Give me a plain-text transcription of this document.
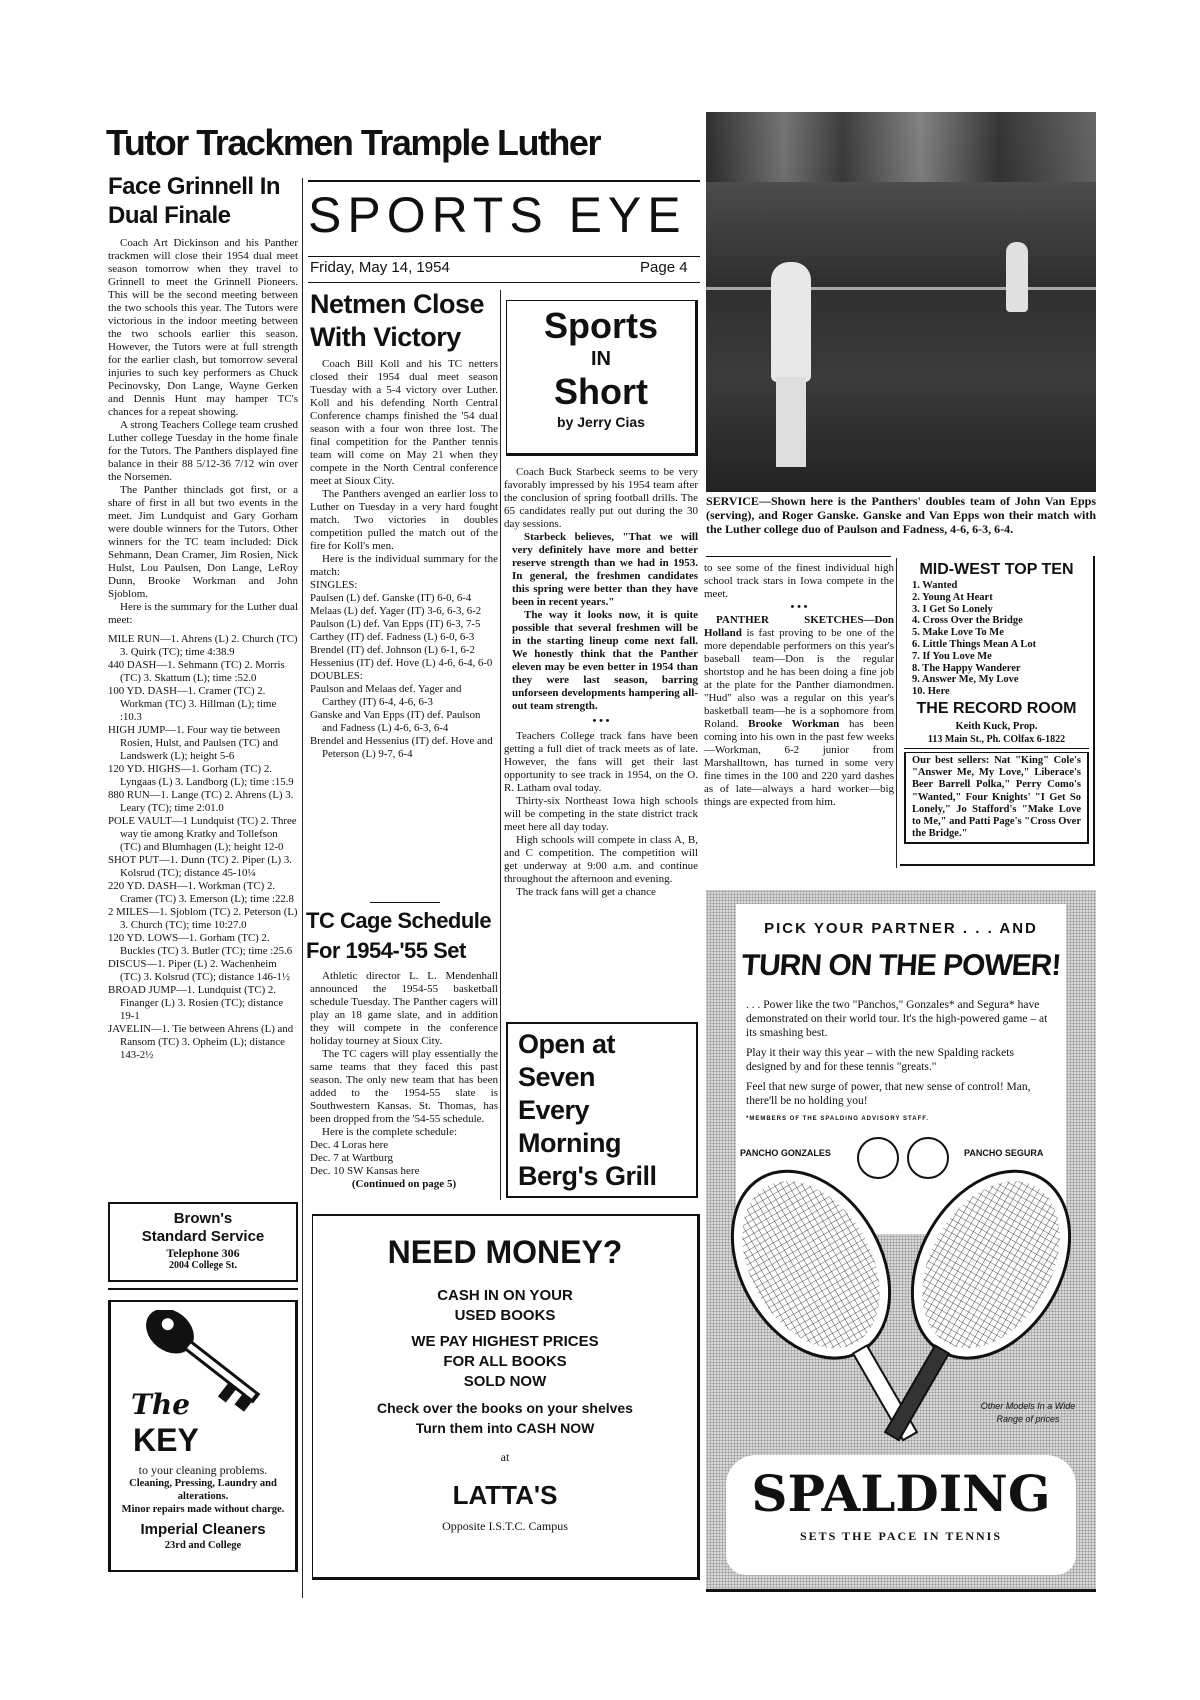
Tutor Trackmen Trample Luther
Face Grinnell In Dual Finale

Coach Art Dickinson and his Panther trackmen will close their 1954 dual meet season tomorrow when they travel to Grinnell to meet the Grinnell Pioneers. This will be the second meeting between the two schools this year. The Tutors were victorious in the indoor meeting between the two schools earlier this season. However, the Tutors were at full strength for the earlier clash, but tomorrow several injuries to such key performers as Chuck Pecinovsky, Don Lange, Wayne Gerken and Dennis Hunt may hamper TC's chances for a repeat showing.

A strong Teachers College team crushed Luther college Tuesday in the home finale for the Tutors. The Panthers displayed fine balance in their 88 5/12-36 7/12 win over the Norsemen.

The Panther thinclads got first, or a share of first in all but two events in the meet. Jim Lundquist and Gary Gorham were double winners for the Tutors. Other winners for the TC team included: Dick Sehmann, Dean Cramer, Jim Rosien, Nick Hulst, Lou Paulsen, Don Lange, LeRoy Dunn, Brooke Workman and John Sjoblom.

Here is the summary for the Luther dual meet:

MILE RUN—1. Ahrens (L) 2. Church (TC) 3. Quirk (TC); time 4:38.9

440 DASH—1. Sehmann (TC) 2. Morris (TC) 3. Skattum (L); time :52.0

100 YD. DASH—1. Cramer (TC) 2. Workman (TC) 3. Hillman (L); time :10.3

HIGH JUMP—1. Four way tie between Rosien, Hulst, and Paulsen (TC) and Landswerk (L); height 5-6

120 YD. HIGHS—1. Gorham (TC) 2. Lyngaas (L) 3. Landborg (L); time :15.9

880 RUN—1. Lange (TC) 2. Ahrens (L) 3. Leary (TC); time 2:01.0

POLE VAULT—1 Lundquist (TC) 2. Three way tie among Kratky and Tollefson (TC) and Blumhagen (L); height 12-0

SHOT PUT—1. Dunn (TC) 2. Piper (L) 3. Kolsrud (TC); distance 45-10¼

220 YD. DASH—1. Workman (TC) 2. Cramer (TC) 3. Emerson (L); time :22.8

2 MILES—1. Sjoblom (TC) 2. Peterson (L) 3. Church (TC); time 10:27.0

120 YD. LOWS—1. Gorham (TC) 2. Buckles (TC) 3. Butler (TC); time :25.6

DISCUS—1. Piper (L) 2. Wachenheim (TC) 3. Kolsrud (TC); distance 146-1½

BROAD JUMP—1. Lundquist (TC) 2. Finanger (L) 3. Rosien (TC); distance 19-1

JAVELIN—1. Tie between Ahrens (L) and Ransom (TC) 3. Opheim (L); distance 143-2½

Brown's
Standard Service
Telephone 306
2004 College St.
The
KEY
to your cleaning problems.
Cleaning, Pressing, Laundry and alterations.
Minor repairs made without charge.
Imperial Cleaners
23rd and College
SPORTS EYE
Friday, May 14, 1954	Page 4
Netmen Close
With Victory

Coach Bill Koll and his TC netters closed their 1954 dual meet season Tuesday with a 5-4 victory over Luther. Koll and his defending North Central Conference champs finished the '54 dual season with a four won three lost. The final competition for the Panther tennis team will come on May 21 when they compete in the North Central conference meet at Sioux City.

The Panthers avenged an earlier loss to Luther on Tuesday in a very hard fought match. Two victories in doubles competition pulled the match out of the fire for Koll's men.

Here is the individual summary for the match:

SINGLES:

Paulsen (L) def. Ganske (IT) 6-0, 6-4

Melaas (L) def. Yager (IT) 3-6, 6-3, 6-2

Paulson (L) def. Van Epps (IT) 6-3, 7-5

Carthey (IT) def. Fadness (L) 6-0, 6-3

Brendel (IT) def. Johnson (L) 6-1, 6-2

Hessenius (IT) def. Hove (L) 4-6, 6-4, 6-0

DOUBLES:

Paulson and Melaas def. Yager and Carthey (IT) 6-4, 4-6, 6-3

Ganske and Van Epps (IT) def. Paulson and Fadness (L) 4-6, 6-3, 6-4

Brendel and Hessenius (IT) def. Hove and Peterson (L) 9-7, 6-4

TC Cage Schedule
For 1954-'55 Set

Athletic director L. L. Mendenhall announced the 1954-55 basketball schedule Tuesday. The Panther cagers will play an 18 game slate, and in addition they will compete in the conference holiday tourney at Sioux City.

The TC cagers will play essentially the same teams that they faced this past season. The only new team that has been added to the 1954-55 slate is Southwestern Kansas. St. Thomas, has been dropped from the '54-55 schedule.

Here is the complete schedule:

Dec. 4 Loras here
Dec. 7 at Wartburg
Dec. 10 SW Kansas here
(Continued on page 5)
Sports
IN
Short
by Jerry Cias

Coach Buck Starbeck seems to be very favorably impressed by his 1954 team after the conclusion of spring football drills. The 65 candidates really put out during the 30 day sessions.

Starbeck believes, "That we will very definitely have more and better reserve strength than we had in 1953. In general, the freshmen candidates this spring were better than they have been in recent years."

The way it looks now, it is quite possible that several freshmen will be in the starting lineup come next fall. We honestly think that the Panther eleven may be even better in 1954 than they were last season, barring unforseen developments hampering all-out team strength.

• • •

Teachers College track fans have been getting a full diet of track meets as of late. However, the fans will get their last opportunity to see track in 1954, on the O. R. Latham oval today.

Thirty-six Northeast Iowa high schools will be competing in the state district track meet here all day today.

High schools will compete in class A, B, and C competition. The competition will get underway at 9:00 a.m. and continue throughout the afternoon and evening.

The track fans will get a chance

Open at
Seven
Every
Morning
Berg's Grill
NEED MONEY?
CASH IN ON YOUR
USED BOOKS
WE PAY HIGHEST PRICES
FOR ALL BOOKS
SOLD NOW
Check over the books on your shelves
Turn them into CASH NOW
at
LATTA'S
Opposite I.S.T.C. Campus
SERVICE—Shown here is the Panthers' doubles team of John Van Epps (serving), and Roger Ganske. Ganske and Van Epps won their match with the Luther college duo of Paulson and Fadness, 4-6, 6-3, 6-4.
to see some of the finest individual high school track stars in Iowa compete in the meet.
• • •

PANTHER SKETCHES—Don Holland is fast proving to be one of the more dependable performers on this year's baseball team—Don is the regular shortstop and he has been doing a fine job at the plate for the Panther diamondmen. "Hud" also was a regular on this year's basketball team—he is a sophomore from Roland. Brooke Workman has been coming into his own in the past few weeks—Workman, 6-2 junior from Marshalltown, has turned in some very fine times in the 100 and 220 yard dashes as of late—always a hard worker—big things are expected from him.

MID-WEST TOP TEN
1. Wanted
2. Young At Heart
3. I Get So Lonely
4. Cross Over the Bridge
5. Make Love To Me
6. Little Things Mean A Lot
7. If You Love Me
8. The Happy Wanderer
9. Answer Me, My Love
10. Here
THE RECORD ROOM
Keith Kuck, Prop.
113 Main St., Ph. COlfax 6-1822
Our best sellers: Nat "King" Cole's "Answer Me, My Love," Liberace's Beer Barrell Polka," Perry Como's "Wanted," Four Knights' "I Get So Lonely," Jo Stafford's "Make Love to Me," and Patti Page's "Cross Over the Bridge."
PICK YOUR PARTNER . . . AND
TURN ON THE POWER!

. . . Power like the two "Panchos," Gonzales* and Segura* have demonstrated on their world tour. It's the high-powered game – at its smashing best.

Play it their way this year – with the new Spalding rackets designed by and for these tennis "greats."

Feel that new surge of power, that new sense of control! Man, there'll be no holding you!

*MEMBERS OF THE SPALDING ADVISORY STAFF.

PANCHO GONZALES	PANCHO SEGURA
Other Models In a Wide Range of prices
SPALDING
SETS THE PACE IN TENNIS
